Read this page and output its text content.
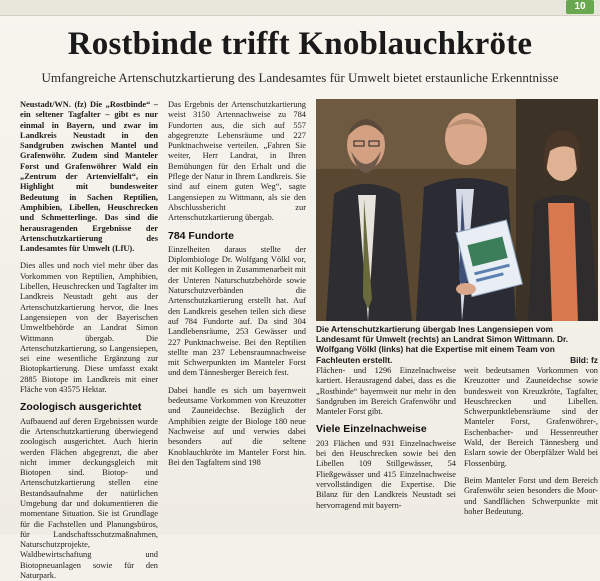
10
Rostbinde trifft Knoblauchkröte
Umfangreiche Artenschutzkartierung des Landesamtes für Umwelt bietet erstaunliche Erkenntnisse

Neustadt/WN. (fz) Die „Rostbinde“ – ein seltener Tagfalter – gibt es nur einmal in Bayern, und zwar im Landkreis Neustadt in den Sandgruben zwischen Mantel und Grafenwöhr. Zudem sind Manteler Forst und Grafenwöhrer Wald ein „Zentrum der Artenvielfalt“, ein Highlight mit bundesweiter Bedeutung in Sachen Reptilien, Amphibien, Libellen, Heuschrecken und Schmetterlinge. Das sind die herausragenden Ergebnisse der Artenschutzkartierung des Landesamtes für Umwelt (LfU).

Dies alles und noch viel mehr über das Vorkommen von Reptilien, Amphibien, Libellen, Heuschrecken und Tagfalter im Landkreis Neustadt geht aus der Artenschutzkartierung hervor, die Ines Langensiepen von der Bayerischen Umweltbehörde an Landrat Simon Wittmann übergab. Die Artenschutzkartierung, so Langensiepen, sei eine wesentliche Ergänzung zur Biotopkartierung. Diese umfasst exakt 2885 Biotope im Landkreis mit einer Fläche von 43575 Hektar.

Zoologisch ausgerichtet

Aufbauend auf deren Ergebnissen wurde die Artenschutzkartierung überwiegend zoologisch ausgerichtet. Auch hierin werden Flächen abgegrenzt, die aber nicht immer deckungsgleich mit Biotopen sind. Biotop- und Artenschutzkartierung stellen eine Bestandsaufnahme der natürlichen Umgebung dar und dokumentieren die momentane Situation. Sie ist Grundlage für die Fachstellen und Planungsbüros, für Landschaftsschutzmaßnahmen, Naturschutzprojekte, Waldbewirtschaftung und Biotopneuanlagen sowie für den Naturpark.

Das Ergebnis der Artenschutzkartierung weist 3150 Artennachweise zu 784 Fundorten aus, die sich auf 557 abgegrenzte Lebensräume und 227 Punktnachweise verteilen. „Fahren Sie weiter, Herr Landrat, in Ihren Bemühungen für den Erhalt und die Pflege der Natur in Ihrem Landkreis. Sie sind auf einem guten Weg“, sagte Langensiepen zu Wittmann, als sie den Abschlussbericht zur Artenschutzkartierung übergab.

784 Fundorte

Einzelheiten daraus stellte der Diplombiologe Dr. Wolfgang Völkl vor, der mit Kollegen in Zusammenarbeit mit der Unteren Naturschutzbehörde sowie Naturschutzverbänden die Artenschutzkartierung erstellt hat. Auf den Landkreis gesehen teilen sich diese auf 784 Fundorte auf. Da sind 304 Landlebensräume, 253 Gewässer und 227 Punktnachweise. Bei den Reptilien stellte man 237 Lebensraumnachweise mit Schwerpunkten im Manteler Forst und dem Tännesberger Bereich fest.

Dabei handle es sich um bayernweit bedeutsame Vorkommen von Kreuzotter und Zauneidechse. Bezüglich der Amphibien zeigte der Biologe 180 neue Nachweise auf und verwies dabei besonders auf die seltene Knoblauchkröte im Manteler Forst hin. Bei den Tagfaltern sind 198

Die Artenschutzkartierung übergab Ines Langensiepen vom Landesamt für Umwelt (rechts) an Landrat Simon Wittmann. Dr. Wolfgang Völkl (links) hat die Expertise mit einem Team von Fachleuten erstellt.	Bild: fz

Flächen- und 1296 Einzelnachweise kartiert. Herausragend dabei, dass es die „Rostbinde“ bayernweit nur mehr in den Sandgruben im Bereich Grafenwöhr und Manteler Forst gibt.

Viele Einzelnachweise

203 Flächen und 931 Einzelnachweise bei den Heuschrecken sowie bei den Libellen 109 Stillgewässer, 54 Fließgewässer und 415 Einzelnachweise vervollständigen die Expertise. Die Bilanz für den Landkreis Neustadt sei hervorragend mit bayern-

weit bedeutsamen Vorkommen von Kreuzotter und Zauneidechse sowie bundesweit von Kreuzkröte, Tagfalter, Heuschrecken und Libellen. Schwerpunktlebensräume sind der Manteler Forst, Grafenwöhrer-, Eschenbacher- und Hessenreuther Wald, der Bereich Tännesberg und Eslarn sowie der Oberpfälzer Wald bei Flossenbürg.

Beim Manteler Forst und dem Bereich Grafenwöhr seien besonders die Moor- und Sandflächen Schwerpunkte mit hoher Bedeutung.
